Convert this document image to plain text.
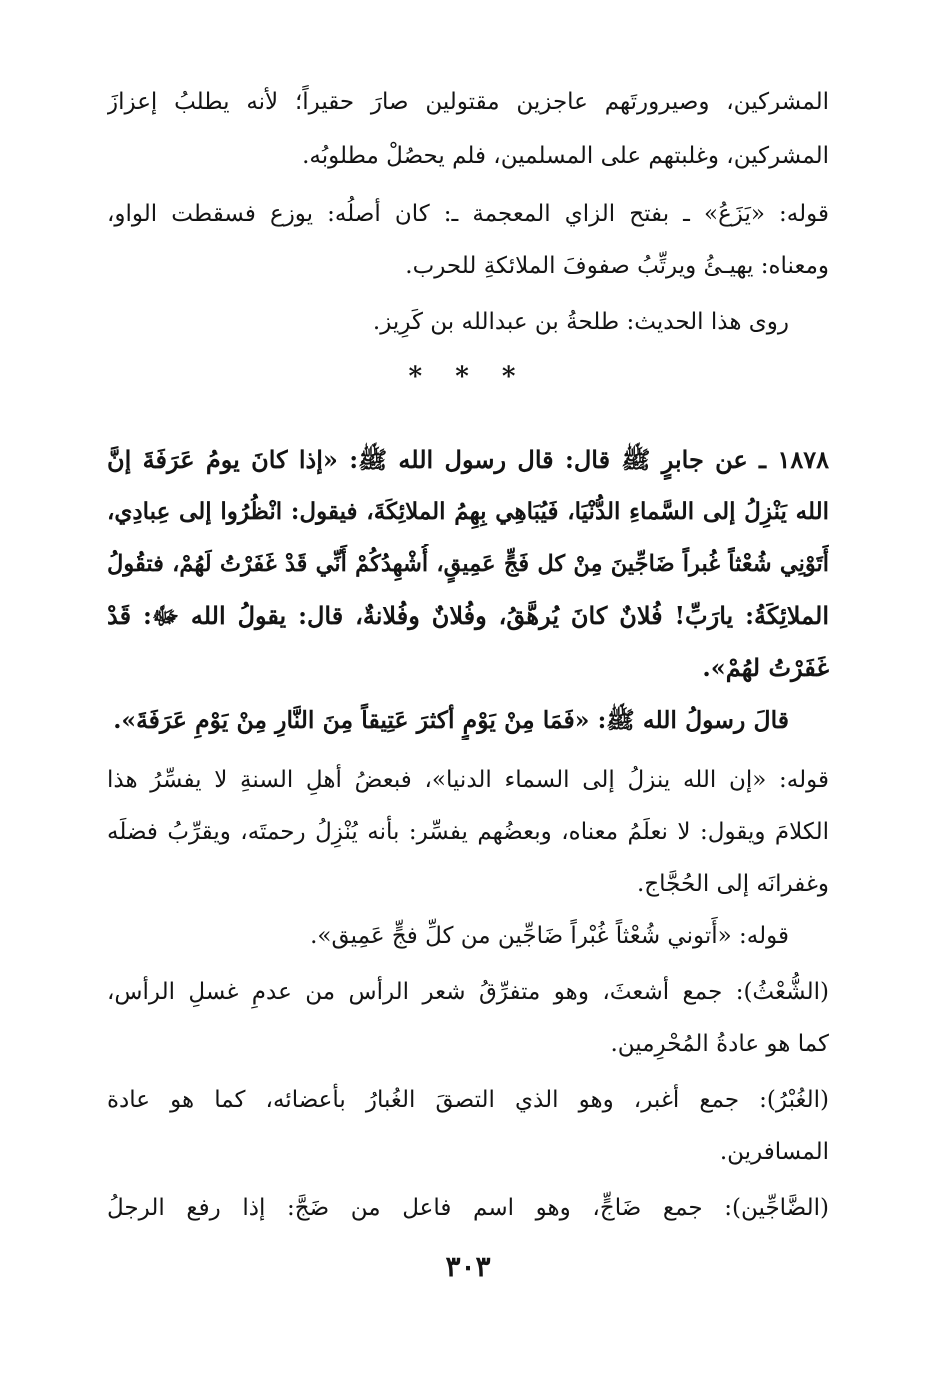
المشركين، وصيرورتَهم عاجزين مقتولين صارَ حقيراً؛ لأنه يطلبُ إعزازَ
المشركين، وغلبتهم على المسلمين، فلم يحصُلْ مطلوبُه.
قوله: «يَزَعُ» ـ بفتح الزاي المعجمة ـ: كان أصلُه: يوزع فسقطت الواو،
ومعناه: يهيـئُ ويرتِّبُ صفوفَ الملائكةِ للحرب.
روى هذا الحديث: طلحةُ بن عبدالله بن كَرِيز.
* * *
١٨٧٨ ـ عن جابرٍ ﷺ قال: قال رسول الله ﷺ: «إذا كانَ يومُ عَرَفَةَ إنَّ
الله يَنْزِلُ إلى السَّماءِ الدُّنْيَا، فَيُبَاهِي بِهِمُ الملائِكَةَ، فيقول: انْظُرُوا إلى عِبادِي،
أَتَوْنِي شُعْثاً غُبراً ضَاجِّينَ مِنْ كل فَجٍّ عَمِيقٍ، أُشْهِدُكُمْ أَنِّي قَدْ غَفَرْتُ لَهُمْ، فتقُولُ
الملائِكَةُ: يارَبِّ! فُلانٌ كانَ يُرهَّقُ، وفُلانٌ وفُلانةٌ، قال: يقولُ الله ﷻ: قَدْ
غَفَرْتُ لهُمْ».
قالَ رسولُ الله ﷺ: «فَمَا مِنْ يَوْمٍ أكثرَ عَتِيقاً مِنَ النَّارِ مِنْ يَوْمِ عَرَفَةَ».
قوله: «إن الله ينزلُ إلى السماء الدنيا»، فبعضُ أهلِ السنةِ لا يفسِّرُ هذا
الكلامَ ويقول: لا نعلَمُ معناه، وبعضُهم يفسِّر: بأنه يُنْزِلُ رحمتَه، ويقرِّبُ فضلَه
وغفرانَه إلى الحُجَّاج.
قوله: «أَتوني شُعْثاً غُبْراً ضَاجِّين من كلِّ فجٍّ عَمِيق».
(الشُّعْثُ): جمع أشعثَ، وهو متفرِّقُ شعر الرأس من عدمِ غسلِ الرأس،
كما هو عادةُ المُحْرِمين.
(الغُبْرُ): جمع أغبر، وهو الذي التصقَ الغُبارُ بأعضائه، كما هو عادة
المسافرين.
(الضَّاجِّين): جمع ضَاجٍّ، وهو اسم فاعل من ضَجَّ: إذا رفع الرجلُ
٣٠٣
